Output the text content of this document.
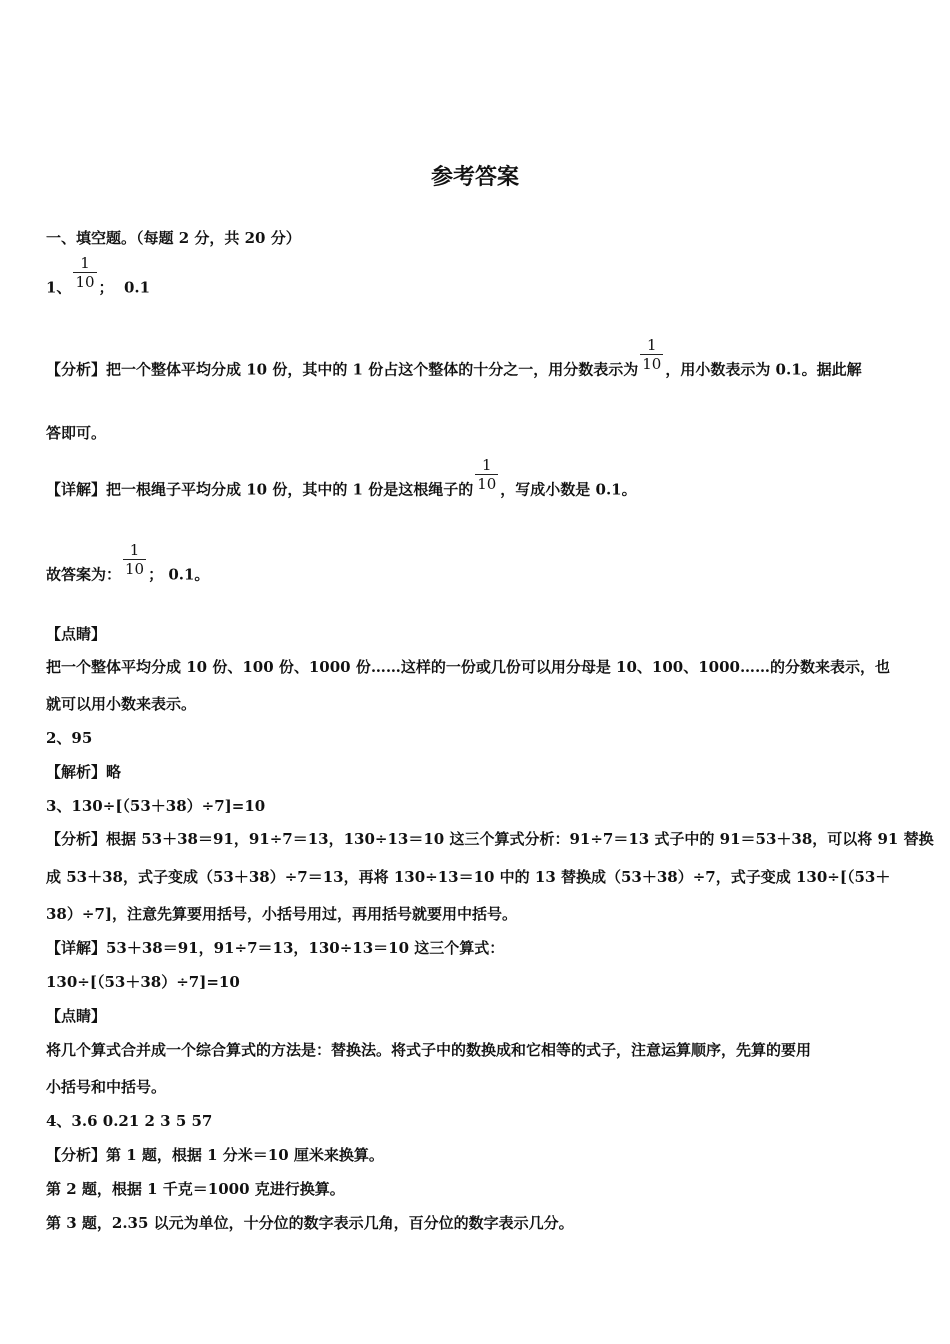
参考答案
一、填空题。（每题 2 分，共 20 分）
1、 $\frac{1}{10}$ ； 0.1
【分析】把一个整体平均分成 10 份，其中的 1 份占这个整体的十分之一，用分数表示为 $\frac{1}{10}$ ，用小数表示为 0.1。据此解
答即可。
【详解】把一根绳子平均分成 10 份，其中的 1 份是这根绳子的 $\frac{1}{10}$ ，写成小数是 0.1。
故答案为： $\frac{1}{10}$ ； 0.1。
【点睛】
把一个整体平均分成 10 份、100 份、1000 份……这样的一份或几份可以用分母是 10、100、1000……的分数来表示，也
就可以用小数来表示。
2、95
【解析】略
3、130÷[（53＋38）÷7]=10
【分析】根据 53＋38＝91，91÷7＝13，130÷13＝10 这三个算式分析：91÷7＝13 式子中的 91＝53＋38，可以将 91 替换
成 53＋38，式子变成（53＋38）÷7＝13，再将 130÷13＝10 中的 13 替换成（53＋38）÷7，式子变成 130÷[（53＋
38）÷7]，注意先算要用括号，小括号用过，再用括号就要用中括号。
【详解】53＋38＝91，91÷7＝13，130÷13＝10 这三个算式：
130÷[（53＋38）÷7]=10
【点睛】
将几个算式合并成一个综合算式的方法是：替换法。将式子中的数换成和它相等的式子，注意运算顺序，先算的要用
小括号和中括号。
4、3.6 0.21 2 3 5 57
【分析】第 1 题，根据 1 分米＝10 厘米来换算。
第 2 题，根据 1 千克＝1000 克进行换算。
第 3 题，2.35 以元为单位，十分位的数字表示几角，百分位的数字表示几分。
